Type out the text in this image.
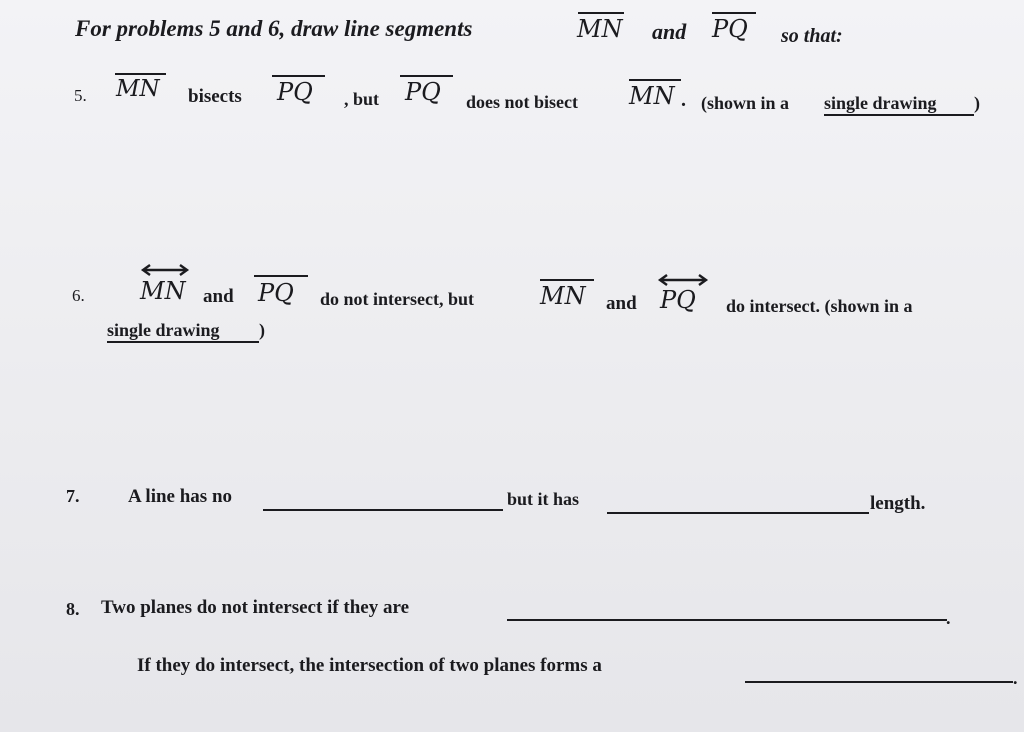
For problems 5 and 6, draw line segments	MN and PQ so that:
5. MN bisects PQ , but PQ does not bisect MN . (shown in a single drawing )
6. MN and PQ do not intersect, but	MN and PQ do intersect. (shown in a
single drawing )
7.	A line has no	but it has	length.
8. Two planes do not intersect if they are	.
If they do intersect, the intersection of two planes forms a
.
